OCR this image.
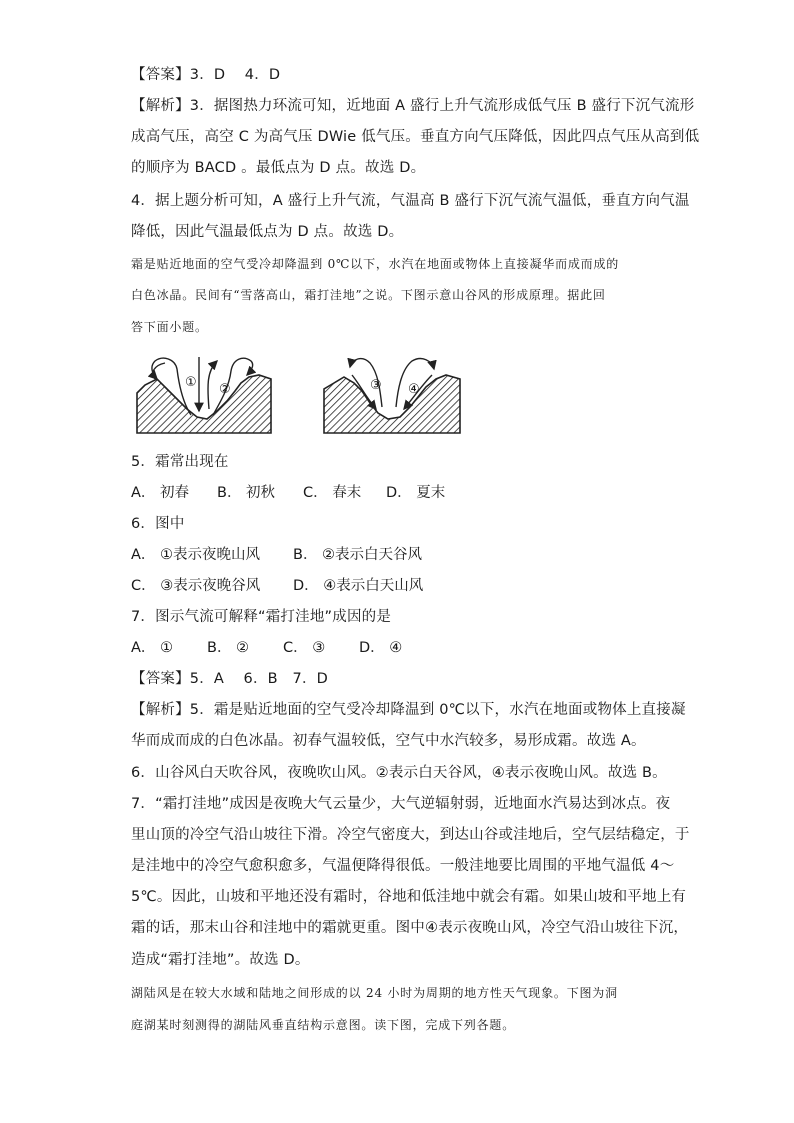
【答案】3．D　 4．D
【解析】3．据图热力环流可知，近地面 A 盛行上升气流形成低气压 B 盛行下沉气流形
成高气压，高空 C 为高气压 DWie 低气压。垂直方向气压降低，因此四点气压从高到低
的顺序为 BACD 。最低点为 D 点。故选 D。
4．据上题分析可知，A 盛行上升气流，气温高 B 盛行下沉气流气温低，垂直方向气温
降低，因此气温最低点为 D 点。故选 D。
霜是贴近地面的空气受冷却降温到 0℃以下，水汽在地面或物体上直接凝华而成而成的
白色冰晶。民间有“雪落高山，霜打洼地”之说。下图示意山谷风的形成原理。据此回
答下面小题。
① ②	③ ④
5．霜常出现在
A． 初春 B． 初秋 C． 春末 D． 夏末
6．图中
A． ①表示夜晚山风 B． ②表示白天谷风
C． ③表示夜晚谷风 D． ④表示白天山风
7．图示气流可解释“霜打洼地”成因的是
A． ① B． ② C． ③ D． ④
【答案】5．A　 6．B　7．D
【解析】5．霜是贴近地面的空气受冷却降温到 0℃以下，水汽在地面或物体上直接凝
华而成而成的白色冰晶。初春气温较低，空气中水汽较多，易形成霜。故选 A。
6．山谷风白天吹谷风，夜晚吹山风。②表示白天谷风，④表示夜晚山风。故选 B。
7．“霜打洼地”成因是夜晚大气云量少，大气逆辐射弱，近地面水汽易达到冰点。夜
里山顶的冷空气沿山坡往下滑。冷空气密度大，到达山谷或洼地后，空气层结稳定，于
是洼地中的冷空气愈积愈多，气温便降得很低。一般洼地要比周围的平地气温低 4～
5℃。因此，山坡和平地还没有霜时，谷地和低洼地中就会有霜。如果山坡和平地上有
霜的话，那末山谷和洼地中的霜就更重。图中④表示夜晚山风，冷空气沿山坡往下沉，
造成“霜打洼地”。故选 D。
湖陆风是在较大水域和陆地之间形成的以 24 小时为周期的地方性天气现象。下图为洞
庭湖某时刻测得的湖陆风垂直结构示意图。读下图，完成下列各题。
